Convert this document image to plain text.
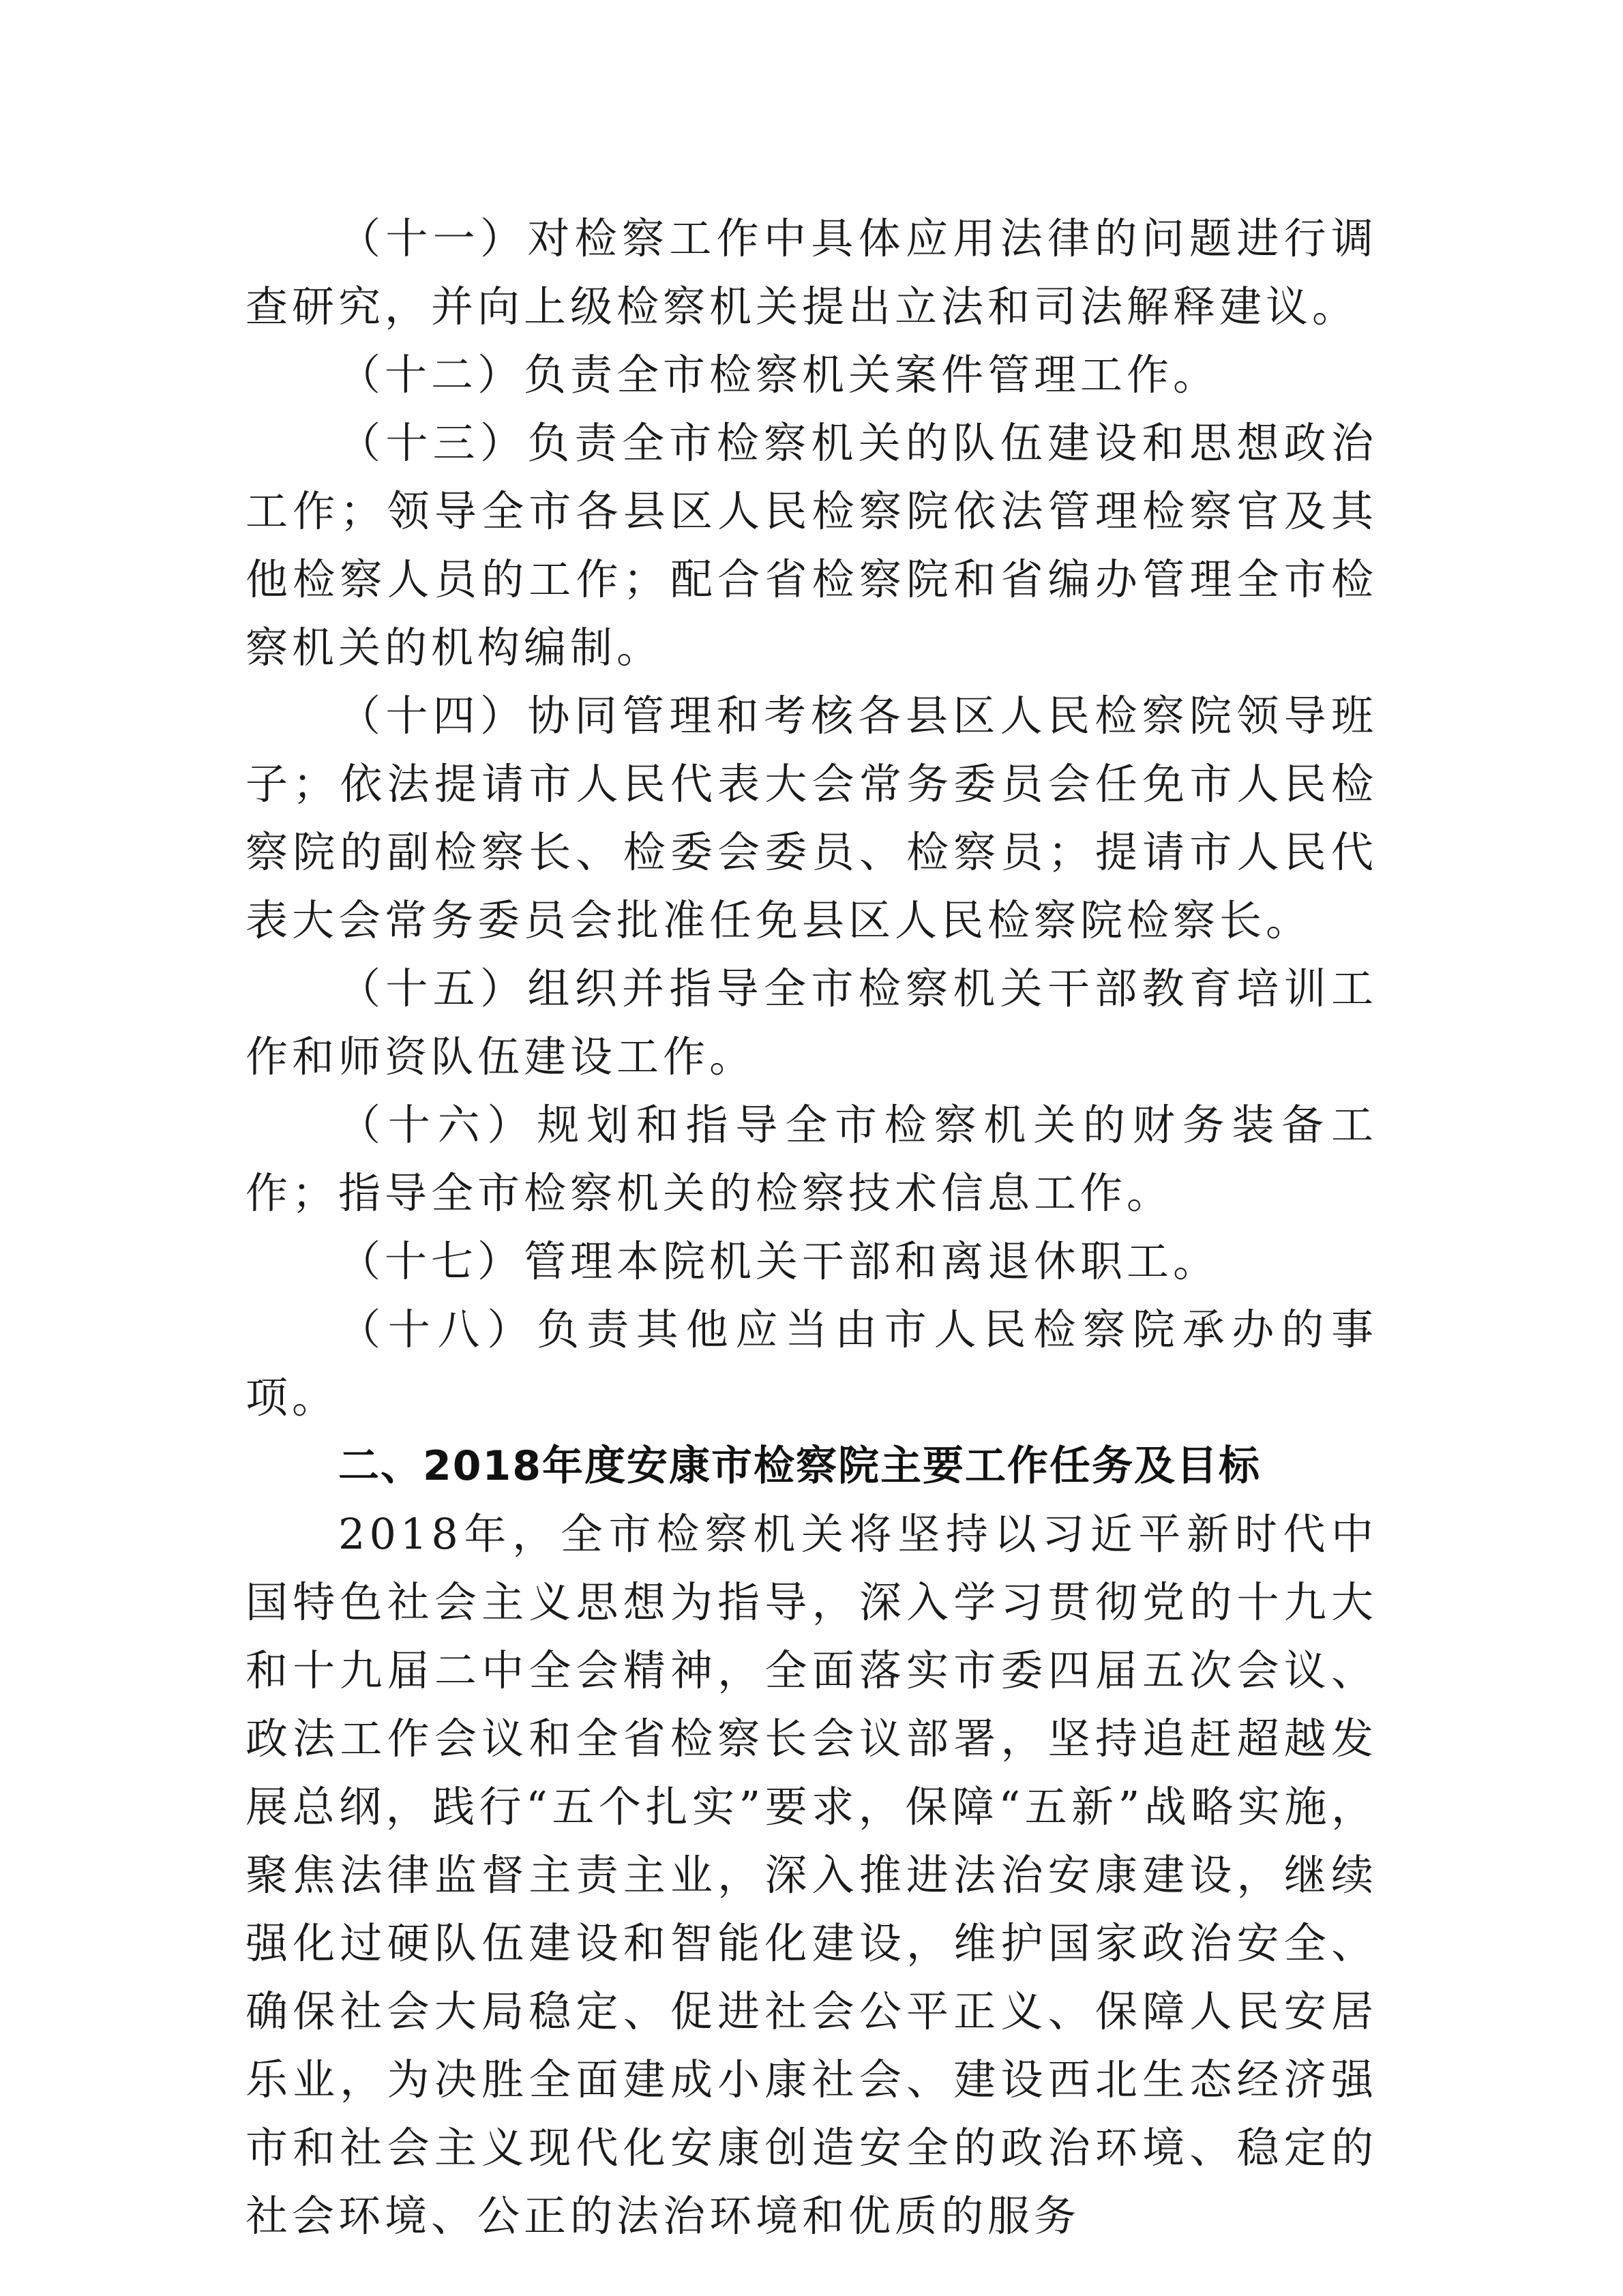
（十一）对检察工作中具体应用法律的问题进行调查研究，并向上级检察机关提出立法和司法解释建议。

（十二）负责全市检察机关案件管理工作。

（十三）负责全市检察机关的队伍建设和思想政治工作；领导全市各县区人民检察院依法管理检察官及其他检察人员的工作；配合省检察院和省编办管理全市检察机关的机构编制。

（十四）协同管理和考核各县区人民检察院领导班子；依法提请市人民代表大会常务委员会任免市人民检察院的副检察长、检委会委员、检察员；提请市人民代表大会常务委员会批准任免县区人民检察院检察长。

（十五）组织并指导全市检察机关干部教育培训工作和师资队伍建设工作。

（十六）规划和指导全市检察机关的财务装备工作；指导全市检察机关的检察技术信息工作。

（十七）管理本院机关干部和离退休职工。

（十八）负责其他应当由市人民检察院承办的事项。

二、2018年度安康市检察院主要工作任务及目标

2018年，全市检察机关将坚持以习近平新时代中国特色社会主义思想为指导，深入学习贯彻党的十九大和十九届二中全会精神，全面落实市委四届五次会议、政法工作会议和全省检察长会议部署，坚持追赶超越发展总纲，践行“五个扎实”要求，保障“五新”战略实施，聚焦法律监督主责主业，深入推进法治安康建设，继续强化过硬队伍建设和智能化建设，维护国家政治安全、确保社会大局稳定、促进社会公平正义、保障人民安居乐业，为决胜全面建成小康社会、建设西北生态经济强市和社会主义现代化安康创造安全的政治环境、稳定的社会环境、公正的法治环境和优质的服务
